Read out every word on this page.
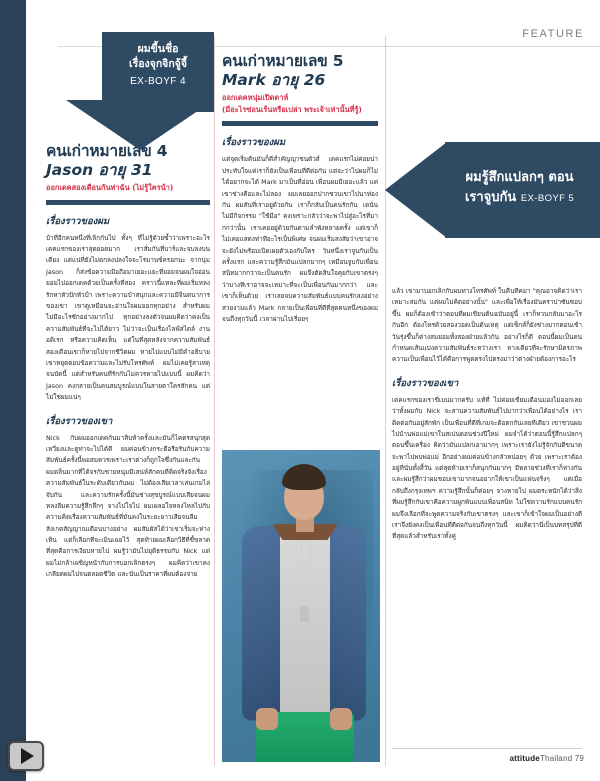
FEATURE
ผมขี้นชื่อ
เรื่องจุกจิกจู้จี้
EX-BOYF 4
ผมรู้สึกแปลกๆ ตอน
เราจูบกัน EX-BOYF 5
คนเก่าหมายเลข 4
Jason อายุ 31
ออกเดคสองเดือนกันท่าฉัน (ไม่รู้ใครน้า)
เรื่องราวของผม
บ้าที่อีกคนหนึ่งที่เลิกกันไป ทั้งๆ ที่ไม่รู้ด้วยซ้ำว่าเพราะอะไร เดคแรกของเราสุดยอดมาก เราสั่มกันที่บาร์และจบลงบนเตียง แต่แน่ที่ยังไม่ตกลงปลงใจจะโรมานซ์ครอกนะ จากนุ่ม Jason ก็ส่งข้อความมือถือมาเยอะแยะที่ยอมจนผมใจอ่อนยอมไปออกเดคด้วยเป็นครั้งที่สอง คราวนี้แหละที่ผมเริ่มหลงรักหาหัวปักหัวปำ เพราะความบ้าสนุกและความมีจินตนาการของเขา เขาดูเหมือนจะอ่านใจผมออกทุกอย่าง สำหรับผมไม่มีอะไรซักอย่างมากไป ทุกอย่างลงตัวจนผมคิดว่าคงเป็นความสัมพันธ์ที่จะไปได้ยาว ไม่ว่าจะเป็นเรื่องไลฟ์สไตล์ งานอดิเรก หรือความคิดเห็น แต่ในที่สุดหลังจากความสัมพันธ์สองเดือนเขาก็หายไปจากชีวิตผม หายไปแบบไม่มีคำอธิบาย เขาหยุดตอบข้อความและไม่รับโทรศัพท์ ผมไม่เคยรู้สาเหตุจนบัดนี้ แต่สำหรับคนที่รักกันไม่ควรหายไปแบบนี้ ผมคิดว่า Jason คงกลายเป็นคนสมบูรณ์แบบในสายตาใครสักคน แต่ไม่ใช่ผมแน่ๆ
เรื่องราวของเขา
Nick กับผมออกเดคกันมาสิบห้าครั้งและมันก็ไคตรสนุกสุดเหวี่ยงและดูท่าจะไปได้ดี ผมค่อนข้างกระดือรือรันกับความสัมพันธ์ครั้งนี้พอสมควรเพราะเราต่างก็ถูกใจซึ่งกันและกัน ผมตลิ่นมากที่ได้จรกับชายหนุ่มมีเสน่ห์สักคนที่คิดจริงจังเรื่องความสัมพันธ์ในระดับเดียวกับผม ไม่ต้องเสียเวลาเล่นเกมไล่จับกัน และความรักครั้งนี้มันช่างสุขบูรณ์แบบเสียจนผมหลงลืมความรู้สึกลึกๆ จางไปใจไป ผมเผลอใจหลงไหลไปกับความคิดเรื่องความสัมพันธ์ที่มั่นคงในระยะยาวเสียจนลืมสังเกตสัญญาณเตือนบางอย่าง ผมสัมผัสได้ว่าเขาเริ่มจะห่างเหิน แต่ก็เลือกที่จะเมินเฉยไว้ สุดท้ายผมเลือกวิธีที่ขี้ขลาดที่สุดคือการเงียบหายไป ผมรู้ว่ามันไม่ยุติธรรมกับ Nick แต่ผมไม่กล้าเผชิญหน้ากับการบอกเลิกตรงๆ ผมคิดว่าเขาคงเกลียดผมไปจนตลอดชีวิต และนั่นเป็นราคาที่ผมต้องจ่าย
คนเก่าหมายเลข 5
Mark อายุ 26
ออกเดคหนุ่มเปิดตาห์
(มีอะไรซ่อนเร้นหรือเปล่า พระเจ้าเท่านั้นที่รู้)
เรื่องราวของผม
แต่จุดเริ่มต้นมันก็ดีสำคัญญาชนตัวส์ เดคแรกไม่ค่อยน่าประทับใจแค่เราก็ยังเป็นเพื่อนที่ดีต่อกัน แต่จะว่าไปผมก็ไม่ได้อยากจะได้ Mark มาเป็นที่อ่อน เพื่อนผมมีเยอะแล้ว แค่เขาช่างคือและไม่ลอง ผมเลยออกปากชวนเขาไปนาท่องกัน ผมสันที่เราอยู่ด้วยกัน เราก็กลับเป็นคนรักกัน เดนั่นไม่มีกิจกรรม "ใช้มือ" คงเพราะกลัวว่าจะพาไปสู่อะไรที่มากกว่านั้น เราเคยอยู่ด้วยกันตามลำพังหลายครั้ง แต่เขาก็ไม่เคยแสดงท่าทีอะไรเป็นพิเศษ จนผมเริ่มสงสัยว่าเขาอาจจะยังไม่พร้อมเปิดเผยตัวเองกับใคร วันหนึ่งเราจูบกันเป็นครั้งแรก และความรู้สึกมันแปลกมากๆ เหมือนจูบกับเพื่อนสนิทมากกว่าจะเป็นคนรัก ผมจึงตัดสินใจคุยกับเขาตรงๆ ว่าบางทีเราอาจจะเหมาะที่จะเป็นเพื่อนกันมากกว่า และเขาก็เห็นด้วย เราเลยจบความสัมพันธ์แบบคนรักลงอย่างสวยงามแล้ว Mark กลายเป็นเพื่อนที่ดีที่สุดคนหนึ่งของผมจนถึงทุกวันนี้ เวลาผ่านไปเรื่อยๆ
แล้ว เขามาบอกเลิกกับผมทางโทรศัพท์ ในคืนทีคมา "คุณอาจคิดว่าเราเหมาะสมกัน แต่ผมไม่คิดอย่างนั้น" และเพื่อให้เรื่องมันคราปาซันซอบขึ้น ผมก็ต้องเซ้าว่าตอนที่ผมเขียนต้นฉบับอยู่นี้ เราก็หวนกลับมาอะไรกันอีก ต้องโทรด้วยสองวอดเป็นต้นเหตุ แต่เซ็กส์ก็ยังช่างมากตอนเช้าวันรุ่งขึ้นก็ต่างสมยอมทั้งสองฝ่ายแล้วกัน อย่างไรก็ดี ตอนนี้ผมเป็นคนกำหนดเส้นแบ่งความสัมพันธ์ระหว่างเรา ทางเดียวที่จะรักษามิตรภาพความเป็นเพื่อนไว้ได้คือการพูดตรงไปตรงมาว่าต่างฝ่ายต้องการอะไร
เรื่องราวของเขา
เดคแรกของเราขี่เบนมากครับ แท้ที่ ไม่ค่อยเขี่ยมเดือนมองไม่ออกเลยว่าทั้งผมกับ Nick จะสานความสัมพันธ์ไปมากว่าเพื่อนได้อย่างไร เราติดต่อกันอยู่สักพัก เป็นเพื่อนที่ดีที่เกมจะต้อตกกันเลยทีเดียว เขาชวนผมไปบ้านพ่อแม่เขาในสเปนตอนช่วงปีใหม่ ผมจำได้ว่าตอนนี้รู้สึกแปลกๆ ตอนขึ้นเครื่อง คิดว่ามันแปลกเอามากๆ เพราะเรายังไม่รู้จักกันดีขนาดจะพาไปพบพ่อแม่ อีกอย่างผมค่อนข้างกลัวหน่อยๆ ด้วย เพราะเราต้องอยู่ที่นั่นทั้งสิ้วัน แต่สุดท้ายเราก็สนุกกันมากๆ มีหลายช่วงที่เราก็ห่างกันและผมรู้สึกว่าผมชอบเขามากจนอยากให้เขาเป็นแฟนจริงๆ แต่เมื่อกลับถึงกรุงเทพฯ ความรู้สึกนั้นก็ค่อยๆ จางหายไป ผมตระหนักได้ว่าสิ่งที่ผมรู้สึกกับเขาคือความผูกพันแบบเพื่อนสนิท ไม่ใช่ความรักแบบคนรัก ผมจึงเลือกที่จะพูดความจริงกับเขาตรงๆ และเขาก็เข้าใจผมเป็นอย่างดี เราจึงยังคงเป็นเพื่อนที่ดีต่อกันจนถึงทุกวันนี้ ผมคิดว่านี่เป็นบทสรุปที่ดีที่สุดแล้วสำหรับเราทั้งคู่
attitudeThailand 79
